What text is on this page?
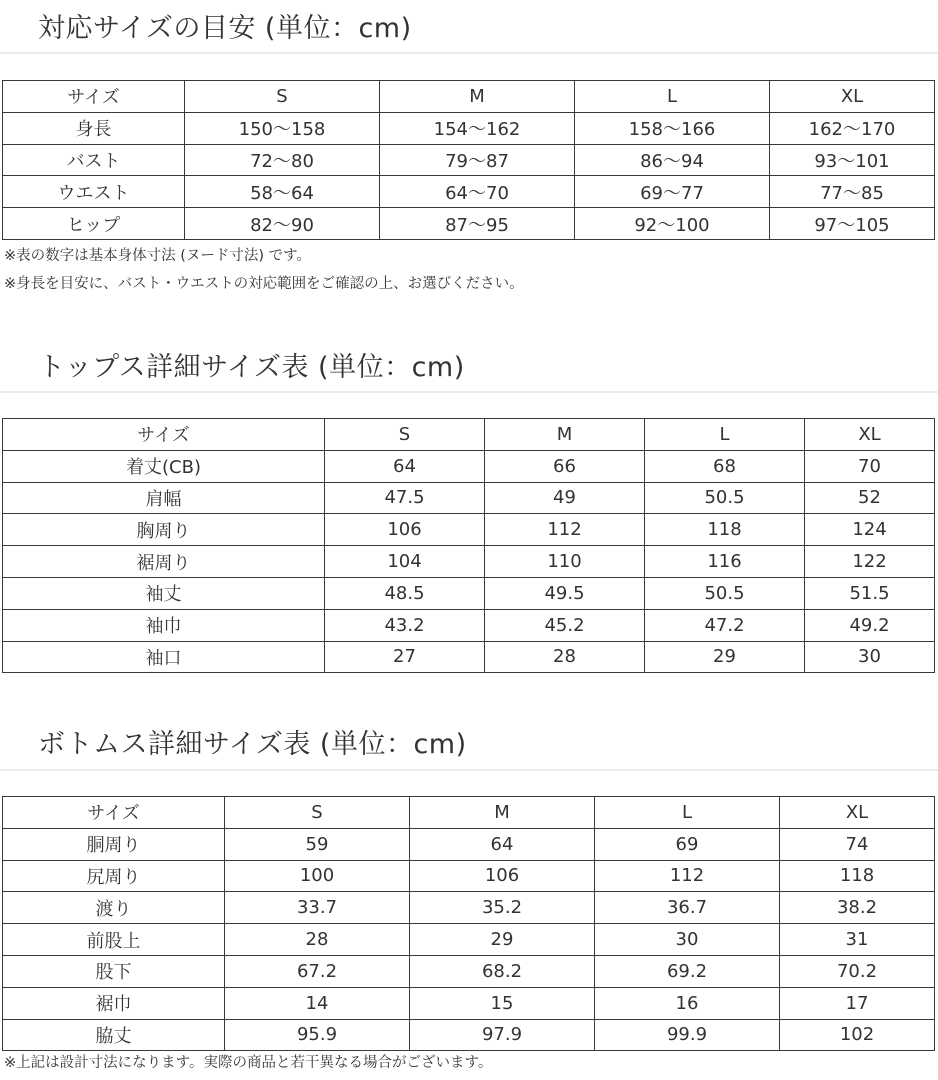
対応サイズの目安 (単位：cm)
サイズ	S	M	L	XL
身長	150〜158	154〜162	158〜166	162〜170
バスト	72〜80	79〜87	86〜94	93〜101
ウエスト	58〜64	64〜70	69〜77	77〜85
ヒップ	82〜90	87〜95	92〜100	97〜105

※表の数字は基本身体寸法 (ヌード寸法) です。

※身長を目安に、バスト・ウエストの対応範囲をご確認の上、お選びください。

トップス詳細サイズ表 (単位：cm)
サイズ	S	M	L	XL
着丈(CB)	64	66	68	70
肩幅	47.5	49	50.5	52
胸周り	106	112	118	124
裾周り	104	110	116	122
袖丈	48.5	49.5	50.5	51.5
袖巾	43.2	45.2	47.2	49.2
袖口	27	28	29	30
ボトムス詳細サイズ表 (単位：cm)
サイズ	S	M	L	XL
胴周り	59	64	69	74
尻周り	100	106	112	118
渡り	33.7	35.2	36.7	38.2
前股上	28	29	30	31
股下	67.2	68.2	69.2	70.2
裾巾	14	15	16	17
脇丈	95.9	97.9	99.9	102

※上記は設計寸法になります。実際の商品と若干異なる場合がございます。
